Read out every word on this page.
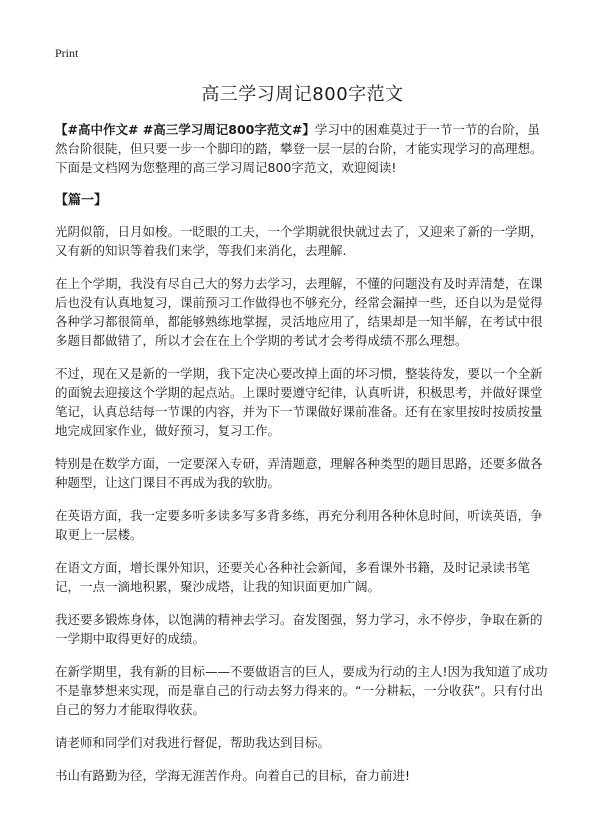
Print
高三学习周记800字范文

【#高中作文# #高三学习周记800字范文#】学习中的困难莫过于一节一节的台阶，虽然台阶很陡，但只要一步一个脚印的踏，攀登一层一层的台阶，才能实现学习的高理想。下面是文档网为您整理的高三学习周记800字范文，欢迎阅读!

【篇一】

光阴似箭，日月如梭。一眨眼的工夫，一个学期就很快就过去了，又迎来了新的一学期，又有新的知识等着我们来学，等我们来消化，去理解.

在上个学期，我没有尽自己大的努力去学习，去理解，不懂的问题没有及时弄清楚，在课后也没有认真地复习，课前预习工作做得也不够充分，经常会漏掉一些，还自以为是觉得各种学习都很简单，都能够熟练地掌握，灵活地应用了，结果却是一知半解，在考试中很多题目都做错了，所以才会在在上个学期的考试才会考得成绩不那么理想。

不过，现在又是新的一学期，我下定决心要改掉上面的坏习惯，整装待发，要以一个全新的面貌去迎接这个学期的起点站。上课时要遵守纪律，认真听讲，积极思考，并做好课堂笔记，认真总结每一节课的内容，并为下一节课做好课前准备。还有在家里按时按质按量地完成回家作业，做好预习，复习工作。

特别是在数学方面，一定要深入专研，弄清题意，理解各种类型的题目思路，还要多做各种题型，让这门课目不再成为我的软肋。

在英语方面，我一定要多听多读多写多背多练，再充分利用各种休息时间，听读英语，争取更上一层楼。

在语文方面，增长课外知识，还要关心各种社会新闻，多看课外书籍，及时记录读书笔记，一点一滴地积累，聚沙成塔，让我的知识面更加广阔。

我还要多锻炼身体，以饱满的精神去学习。奋发图强，努力学习，永不停步，争取在新的一学期中取得更好的成绩。

在新学期里，我有新的目标——不要做语言的巨人，要成为行动的主人!因为我知道了成功不是靠梦想来实现，而是靠自己的行动去努力得来的。“一分耕耘，一分收获”。只有付出自己的努力才能取得收获。

请老师和同学们对我进行督促，帮助我达到目标。

书山有路勤为径，学海无涯苦作舟。向着自己的目标，奋力前进!
